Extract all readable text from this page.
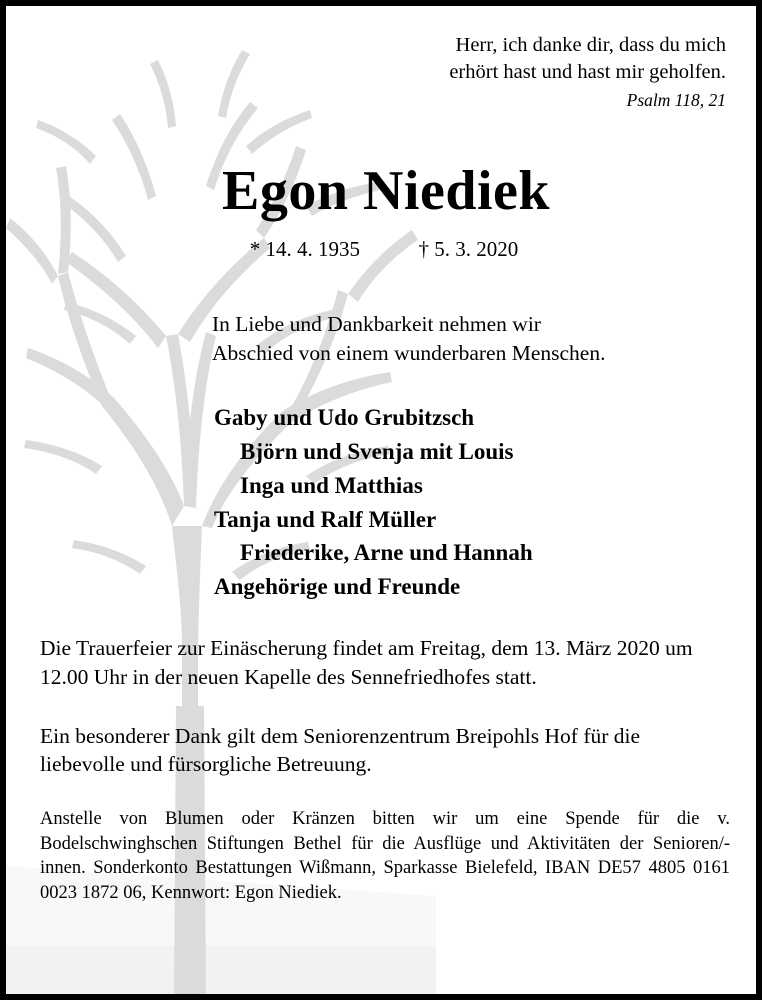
Herr, ich danke dir, dass du mich
erhört hast und hast mir geholfen.
Psalm 118, 21
Egon Niediek
* 14. 4. 1935	† 5. 3. 2020
In Liebe und Dankbarkeit nehmen wir
Abschied von einem wunderbaren Menschen.
Gaby und Udo Grubitzsch
Björn und Svenja mit Louis
Inga und Matthias
Tanja und Ralf Müller
Friederike, Arne und Hannah
Angehörige und Freunde
Die Trauerfeier zur Einäscherung findet am Freitag, dem 13. März 2020 um 12.00 Uhr in der neuen Kapelle des Sennefriedhofes statt.
Ein besonderer Dank gilt dem Seniorenzentrum Breipohls Hof für die liebevolle und fürsorgliche Betreuung.
Anstelle von Blumen oder Kränzen bitten wir um eine Spende für die v. Bodelschwinghschen Stiftungen Bethel für die Ausflüge und Aktivitäten der Senioren/-innen. Sonderkonto Bestattungen Wißmann, Sparkasse Bielefeld, IBAN DE57 4805 0161 0023 1872 06, Kennwort: Egon Niediek.
